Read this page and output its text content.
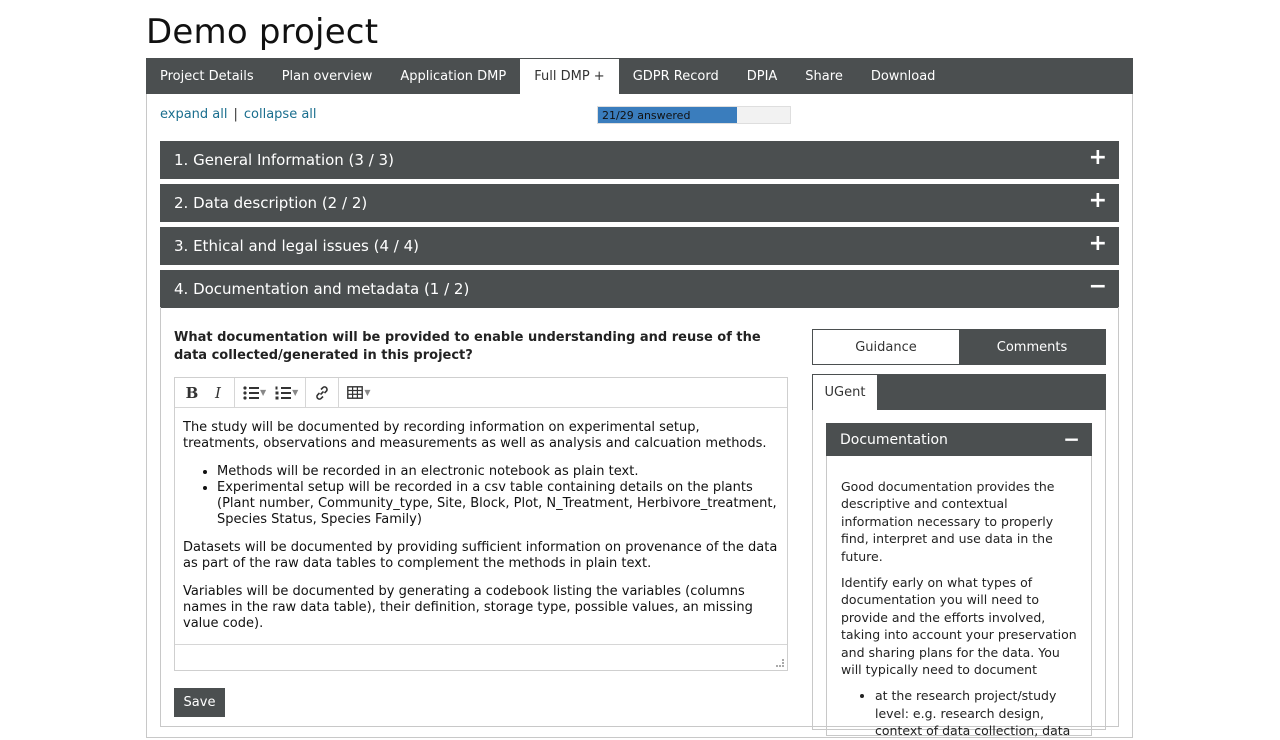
Demo project
Project Details	Plan overview	Application DMP	Full DMP +	GDPR Record	DPIA	Share	Download
expand all | collapse all	21/29 answered
1. General Information (3 / 3)	+
2. Data description (2 / 2)	+
3. Ethical and legal issues (4 / 4)	+
4. Documentation and metadata (1 / 2)	−
What documentation will be provided to enable understanding and reuse of the data collected/generated in this project?
B	I	▼	▼	▼

The study will be documented by recording information on experimental setup, treatments, observations and measurements as well as analysis and calcuation methods.

• Methods will be recorded in an electronic notebook as plain text.
• Experimental setup will be recorded in a csv table containing details on the plants (Plant number, Community_type, Site, Block, Plot, N_Treatment, Herbivore_treatment, Species Status, Species Family)

Datasets will be documented by providing sufficient information on provenance of the data as part of the raw data tables to complement the methods in plain text.

Variables will be documented by generating a codebook listing the variables (columns names in the raw data table), their definition, storage type, possible values, an missing value code).

Save
Guidance	Comments
UGent
Documentation	−

Good documentation provides the descriptive and contextual information necessary to properly find, interpret and use data in the future.

Identify early on what types of documentation you will need to provide and the efforts involved, taking into account your preservation and sharing plans for the data. You will typically need to document

• at the research project/study level: e.g. research design, context of data collection, data
